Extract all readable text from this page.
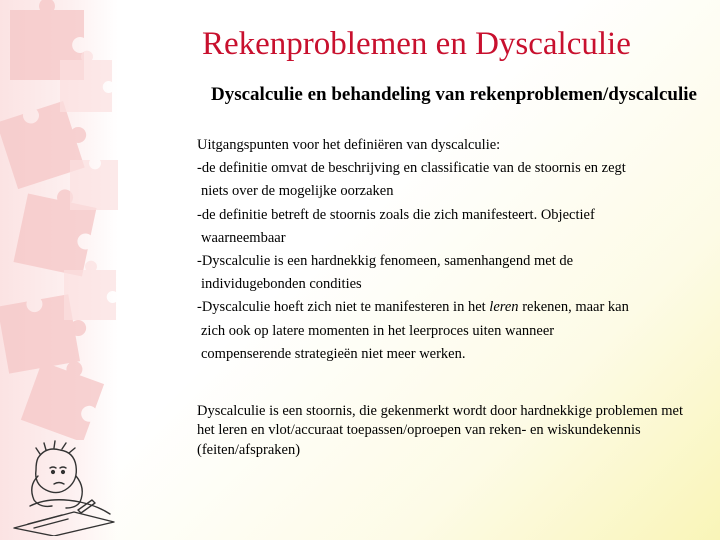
Rekenproblemen en Dyscalculie
Dyscalculie en behandeling van rekenproblemen/dyscalculie
Uitgangspunten voor het definiëren van dyscalculie:
-de definitie omvat de beschrijving en classificatie van de stoornis en zegt
niets over de mogelijke oorzaken
-de definitie betreft de stoornis zoals die zich manifesteert. Objectief
waarneembaar
-Dyscalculie is een hardnekkig fenomeen, samenhangend met de
individugebonden condities
-Dyscalculie hoeft zich niet te manifesteren in het leren rekenen, maar kan
zich ook op latere momenten in het leerproces uiten wanneer
compenserende strategieën niet meer werken.

Dyscalculie is een stoornis, die gekenmerkt wordt door hardnekkige problemen met het leren en vlot/accuraat toepassen/oproepen van reken- en wiskundekennis (feiten/afspraken)
